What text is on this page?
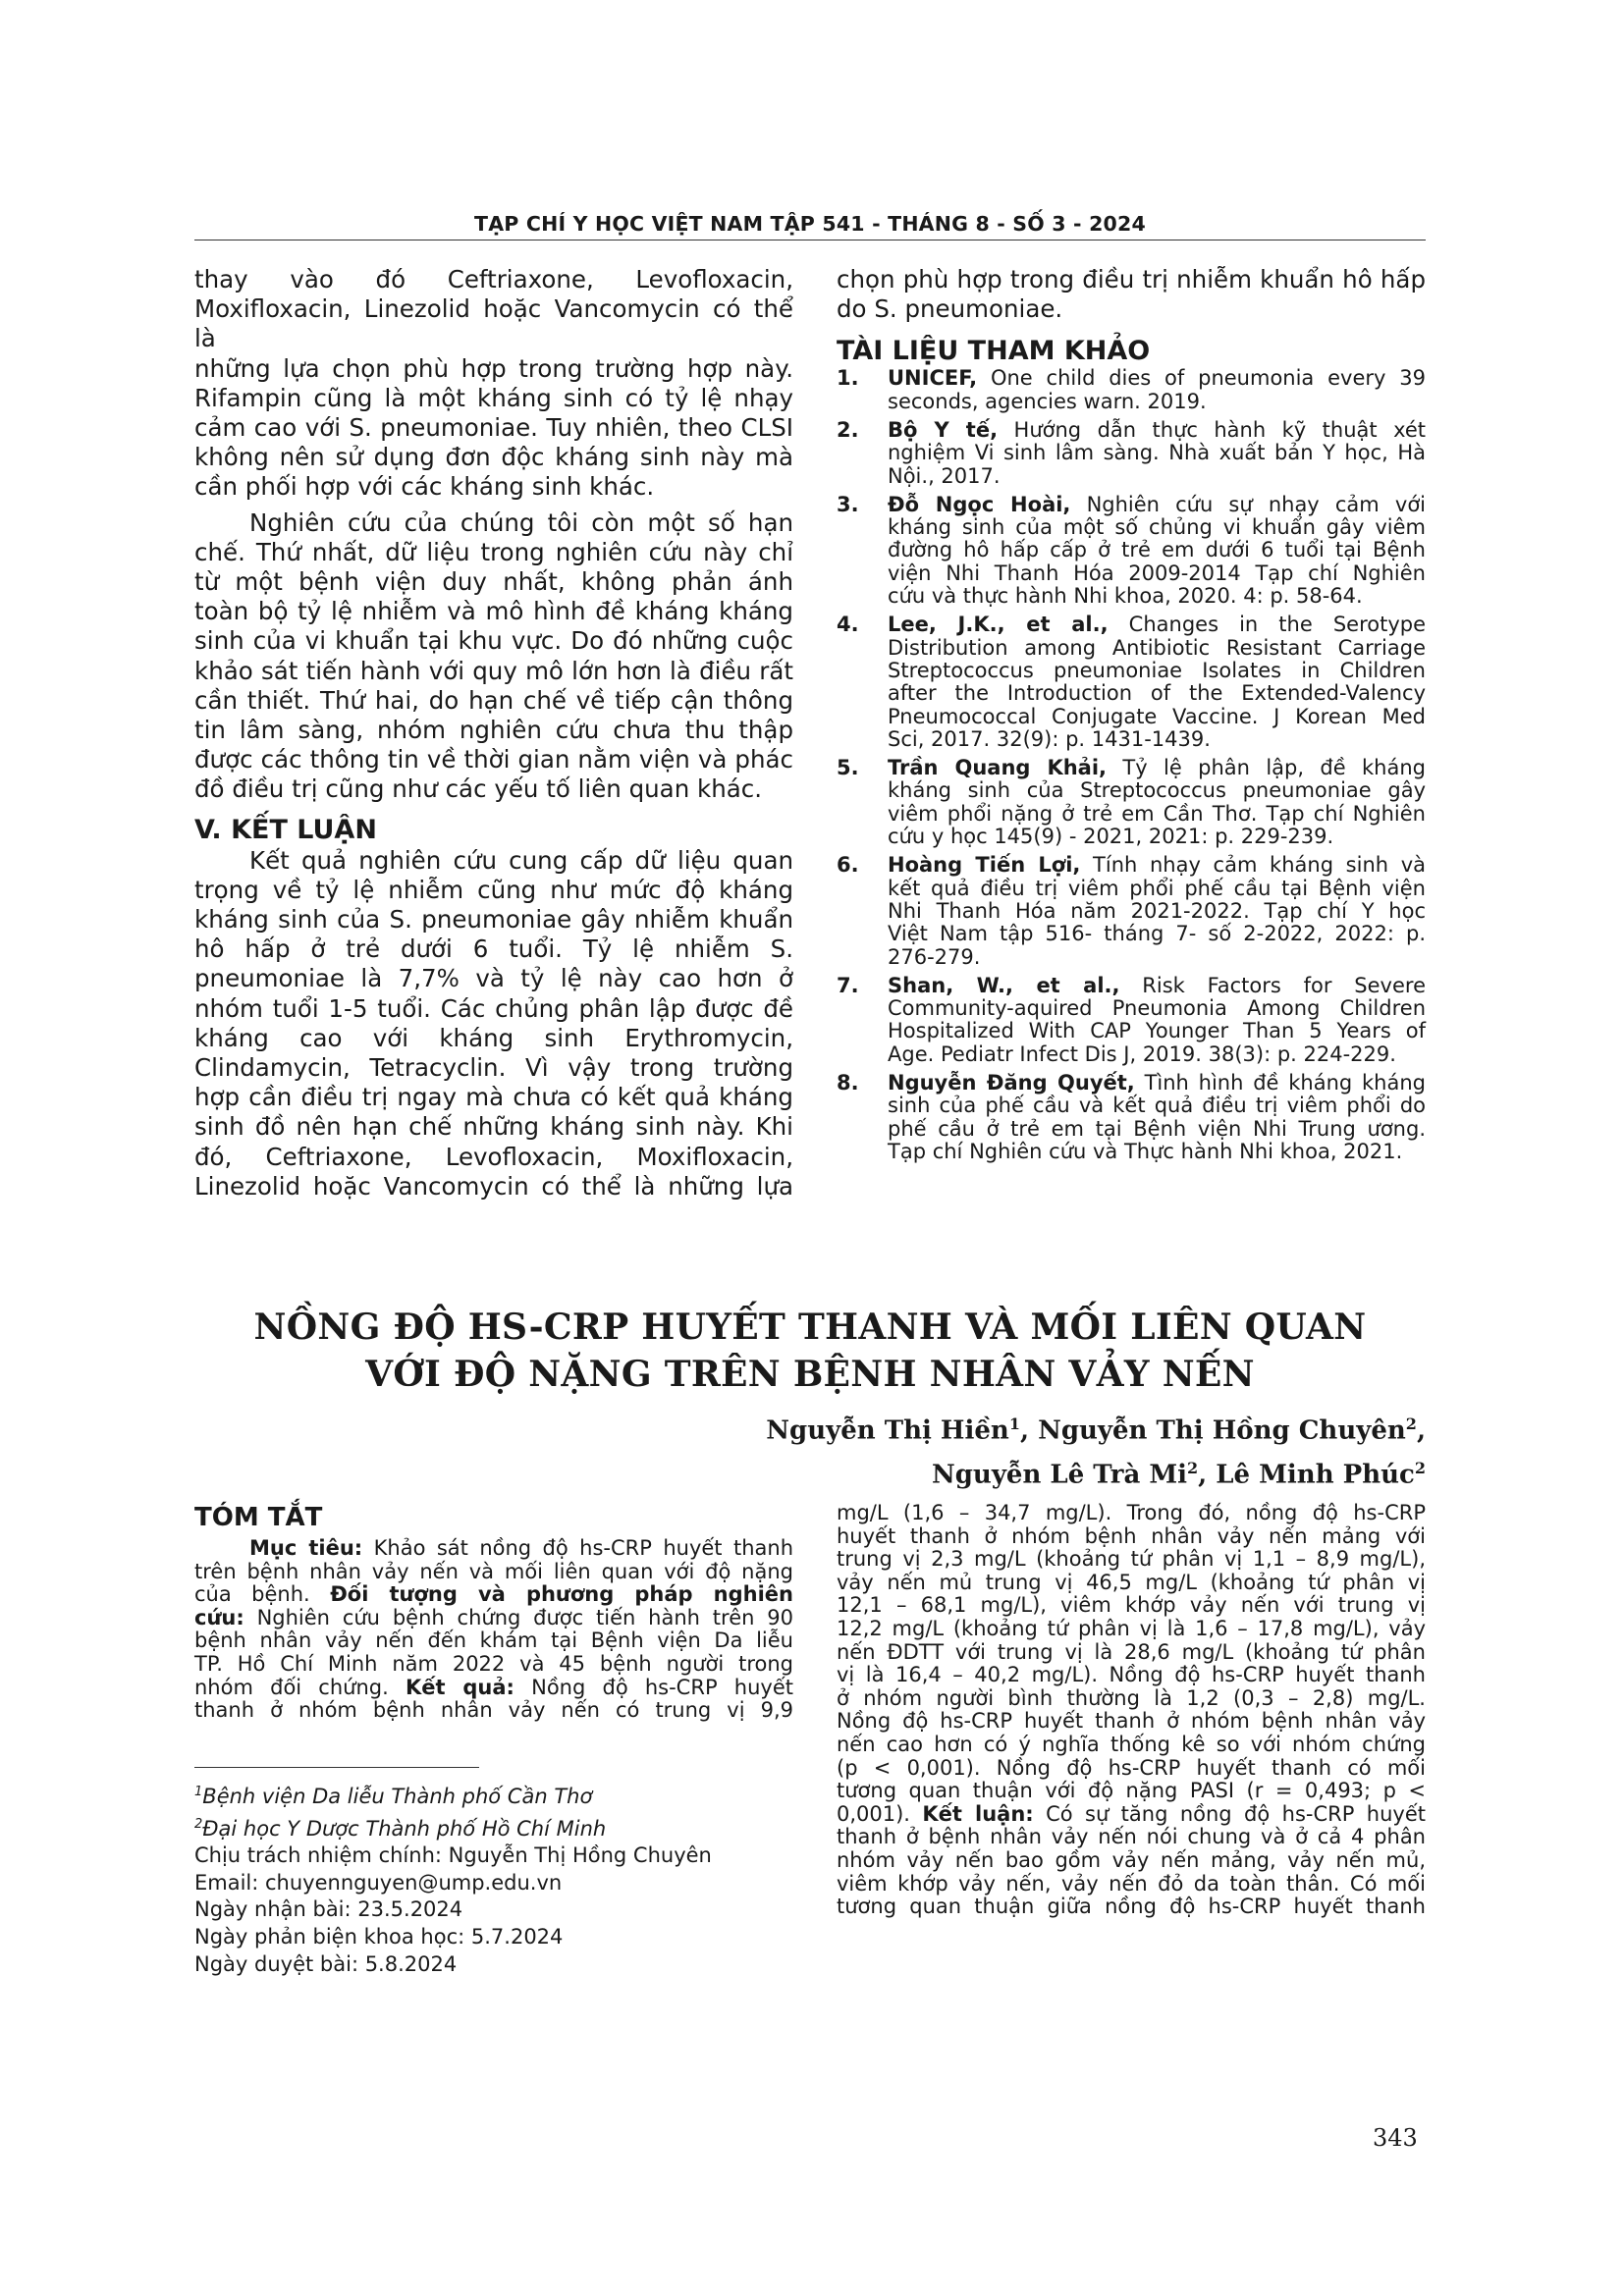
TẠP CHÍ Y HỌC VIỆT NAM TẬP 541 - THÁNG 8 - SỐ 3 - 2024
thay vào đó Ceftriaxone, Levofloxacin,
Moxifloxacin, Linezolid hoặc Vancomycin có thể là
những lựa chọn phù hợp trong trường hợp này.
Rifampin cũng là một kháng sinh có tỷ lệ nhạy
cảm cao với S. pneumoniae. Tuy nhiên, theo CLSI
không nên sử dụng đơn độc kháng sinh này mà
cần phối hợp với các kháng sinh khác.
Nghiên cứu của chúng tôi còn một số hạn
chế. Thứ nhất, dữ liệu trong nghiên cứu này chỉ
từ một bệnh viện duy nhất, không phản ánh
toàn bộ tỷ lệ nhiễm và mô hình đề kháng kháng
sinh của vi khuẩn tại khu vực. Do đó những cuộc
khảo sát tiến hành với quy mô lớn hơn là điều rất
cần thiết. Thứ hai, do hạn chế về tiếp cận thông
tin lâm sàng, nhóm nghiên cứu chưa thu thập
được các thông tin về thời gian nằm viện và phác
đồ điều trị cũng như các yếu tố liên quan khác.
V. KẾT LUẬN
Kết quả nghiên cứu cung cấp dữ liệu quan
trọng về tỷ lệ nhiễm cũng như mức độ kháng
kháng sinh của S. pneumoniae gây nhiễm khuẩn
hô hấp ở trẻ dưới 6 tuổi. Tỷ lệ nhiễm S.
pneumoniae là 7,7% và tỷ lệ này cao hơn ở
nhóm tuổi 1-5 tuổi. Các chủng phân lập được đề
kháng cao với kháng sinh Erythromycin,
Clindamycin, Tetracyclin. Vì vậy trong trường
hợp cần điều trị ngay mà chưa có kết quả kháng
sinh đồ nên hạn chế những kháng sinh này. Khi
đó, Ceftriaxone, Levofloxacin, Moxifloxacin,
Linezolid hoặc Vancomycin có thể là những lựa
chọn phù hợp trong điều trị nhiễm khuẩn hô hấp
do S. pneumoniae.
TÀI LIỆU THAM KHẢO
1. UNICEF, One child dies of pneumonia every 39
seconds, agencies warn. 2019.
2. Bộ Y tế, Hướng dẫn thực hành kỹ thuật xét
nghiệm Vi sinh lâm sàng. Nhà xuất bản Y học, Hà
Nội., 2017.
3. Đỗ Ngọc Hoài, Nghiên cứu sự nhạy cảm với
kháng sinh của một số chủng vi khuẩn gây viêm
đường hô hấp cấp ở trẻ em dưới 6 tuổi tại Bệnh
viện Nhi Thanh Hóa 2009-2014 Tạp chí Nghiên
cứu và thực hành Nhi khoa, 2020. 4: p. 58-64.
4. Lee, J.K., et al., Changes in the Serotype
Distribution among Antibiotic Resistant Carriage
Streptococcus pneumoniae Isolates in Children
after the Introduction of the Extended-Valency
Pneumococcal Conjugate Vaccine. J Korean Med
Sci, 2017. 32(9): p. 1431-1439.
5. Trần Quang Khải, Tỷ lệ phân lập, đề kháng
kháng sinh của Streptococcus pneumoniae gây
viêm phổi nặng ở trẻ em Cần Thơ. Tạp chí Nghiên
cứu y học 145(9) - 2021, 2021: p. 229-239.
6. Hoàng Tiến Lợi, Tính nhạy cảm kháng sinh và
kết quả điều trị viêm phổi phế cầu tại Bệnh viện
Nhi Thanh Hóa năm 2021-2022. Tạp chí Y học
Việt Nam tập 516- tháng 7- số 2-2022, 2022: p.
276-279.
7. Shan, W., et al., Risk Factors for Severe
Community-aquired Pneumonia Among Children
Hospitalized With CAP Younger Than 5 Years of
Age. Pediatr Infect Dis J, 2019. 38(3): p. 224-229.
8. Nguyễn Đăng Quyết, Tình hình đề kháng kháng
sinh của phế cầu và kết quả điều trị viêm phổi do
phế cầu ở trẻ em tại Bệnh viện Nhi Trung ương.
Tạp chí Nghiên cứu và Thực hành Nhi khoa, 2021.
NỒNG ĐỘ HS-CRP HUYẾT THANH VÀ MỐI LIÊN QUAN
VỚI ĐỘ NẶNG TRÊN BỆNH NHÂN VẢY NẾN
Nguyễn Thị Hiền$^1$, Nguyễn Thị Hồng Chuyên$^2$,
Nguyễn Lê Trà Mi$^2$, Lê Minh Phúc$^2$
TÓM TẮT
Mục tiêu: Khảo sát nồng độ hs-CRP huyết thanh
trên bệnh nhân vảy nến và mối liên quan với độ nặng
của bệnh. Đối tượng và phương pháp nghiên
cứu: Nghiên cứu bệnh chứng được tiến hành trên 90
bệnh nhân vảy nến đến khám tại Bệnh viện Da liễu
TP. Hồ Chí Minh năm 2022 và 45 bệnh người trong
nhóm đối chứng. Kết quả: Nồng độ hs-CRP huyết
thanh ở nhóm bệnh nhân vảy nến có trung vị 9,9
mg/L (1,6 – 34,7 mg/L). Trong đó, nồng độ hs-CRP
huyết thanh ở nhóm bệnh nhân vảy nến mảng với
trung vị 2,3 mg/L (khoảng tứ phân vị 1,1 – 8,9 mg/L),
vảy nến mủ trung vị 46,5 mg/L (khoảng tứ phân vị
12,1 – 68,1 mg/L), viêm khớp vảy nến với trung vị
12,2 mg/L (khoảng tứ phân vị là 1,6 – 17,8 mg/L), vảy
nến ĐDTT với trung vị là 28,6 mg/L (khoảng tứ phân
vị là 16,4 – 40,2 mg/L). Nồng độ hs-CRP huyết thanh
ở nhóm người bình thường là 1,2 (0,3 – 2,8) mg/L.
Nồng độ hs-CRP huyết thanh ở nhóm bệnh nhân vảy
nến cao hơn có ý nghĩa thống kê so với nhóm chứng
(p < 0,001). Nồng độ hs-CRP huyết thanh có mối
tương quan thuận với độ nặng PASI (r = 0,493; p <
0,001). Kết luận: Có sự tăng nồng độ hs-CRP huyết
thanh ở bệnh nhân vảy nến nói chung và ở cả 4 phân
nhóm vảy nến bao gồm vảy nến mảng, vảy nến mủ,
viêm khớp vảy nến, vảy nến đỏ da toàn thân. Có mối
tương quan thuận giữa nồng độ hs-CRP huyết thanh
$^1$Bệnh viện Da liễu Thành phố Cần Thơ
$^2$Đại học Y Dược Thành phố Hồ Chí Minh
Chịu trách nhiệm chính: Nguyễn Thị Hồng Chuyên
Email: chuyennguyen@ump.edu.vn
Ngày nhận bài: 23.5.2024
Ngày phản biện khoa học: 5.7.2024
Ngày duyệt bài: 5.8.2024
343
